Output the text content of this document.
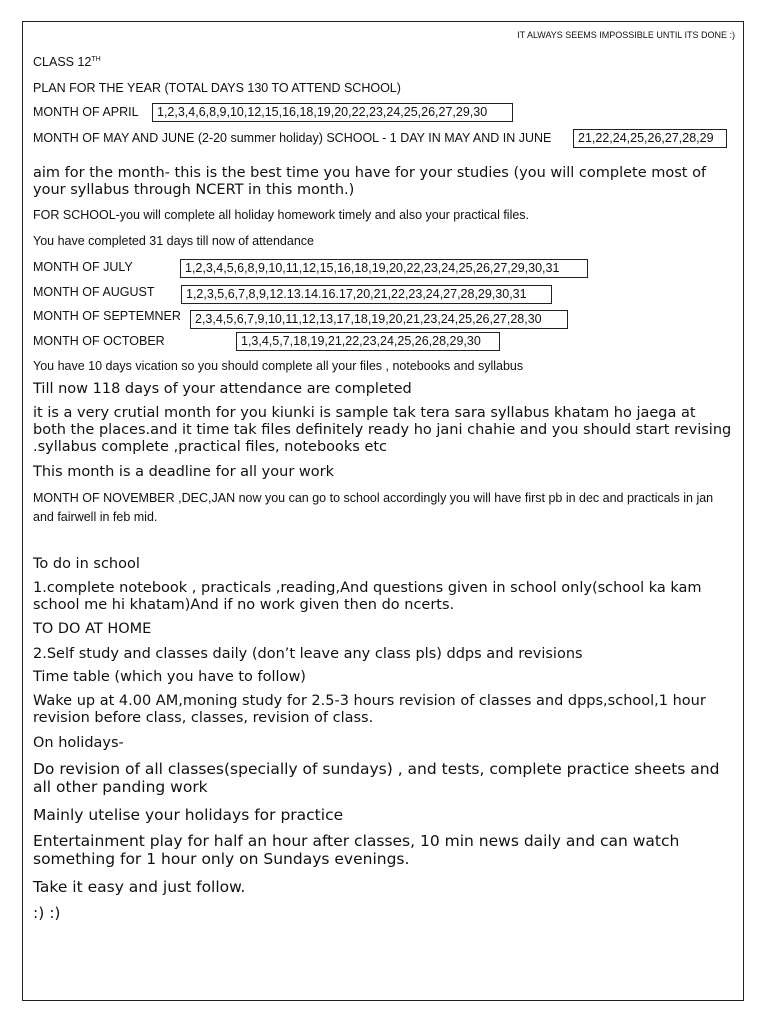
IT ALWAYS SEEMS IMPOSSIBLE UNTIL ITS DONE :)
CLASS 12TH
PLAN FOR THE YEAR (TOTAL DAYS 130 TO ATTEND SCHOOL)
MONTH OF APRIL	1,2,3,4,6,8,9,10,12,15,16,18,19,20,22,23,24,25,26,27,29,30
MONTH OF MAY AND JUNE (2-20 summer holiday) SCHOOL - 1 DAY IN MAY AND IN JUNE	21,22,24,25,26,27,28,29
aim for the month- this is the best time you have for your studies (you will complete most of your syllabus through NCERT in this month.)
FOR SCHOOL-you will complete all holiday homework timely and also your practical files.
You have completed 31 days till now of attendance
MONTH OF JULY	1,2,3,4,5,6,8,9,10,11,12,15,16,18,19,20,22,23,24,25,26,27,29,30,31
MONTH OF AUGUST	1,2,3,5,6,7,8,9,12.13.14.16.17,20,21,22,23,24,27,28,29,30,31
MONTH OF SEPTEMNER	2,3,4,5,6,7,9,10,11,12,13,17,18,19,20,21,23,24,25,26,27,28,30
MONTH OF OCTOBER	1,3,4,5,7,18,19,21,22,23,24,25,26,28,29,30
You have 10 days vication so you should complete all your files , notebooks and syllabus
Till now 118 days of your attendance are completed
it is a very crutial month for you kiunki is sample tak tera sara syllabus khatam ho jaega at both the places.and it time tak files definitely ready ho jani chahie and you should start revising .syllabus complete ,practical files, notebooks etc
This month is a deadline for all your work
MONTH OF NOVEMBER ,DEC,JAN now you can go to school accordingly you will have first pb in dec and practicals in jan and fairwell in feb mid.
To do in school
1.complete notebook , practicals ,reading,And questions given in school only(school ka kam school me hi khatam)And if no work given then do ncerts.
TO DO AT HOME
2.Self study and classes daily (don’t leave any class pls) ddps and revisions
Time table (which you have to follow)
Wake up at 4.00 AM,moning study for 2.5-3 hours revision of classes and dpps,school,1 hour revision before class, classes, revision of class.
On holidays-
Do revision of all classes(specially of sundays) , and tests, complete practice sheets and all other panding work
Mainly utelise your holidays for practice
Entertainment play for half an hour after classes, 10 min news daily and can watch something for 1 hour only on Sundays evenings.
Take it easy and just follow.
:) :)
